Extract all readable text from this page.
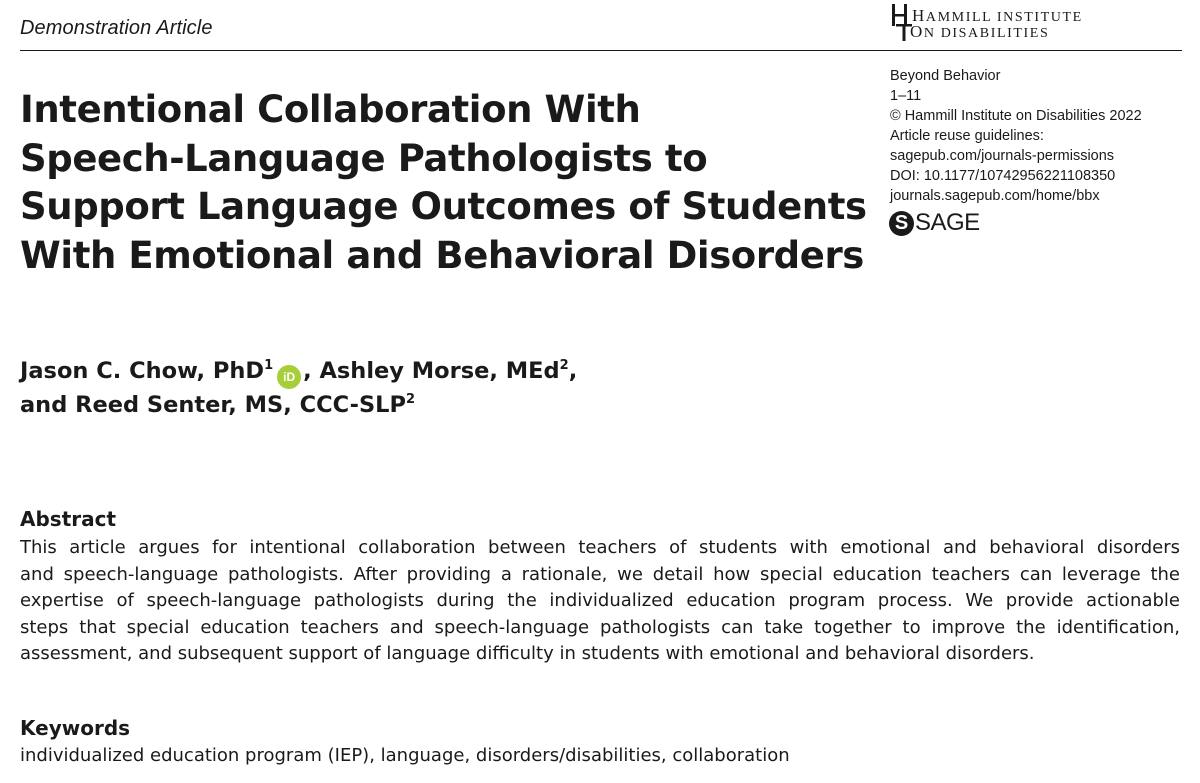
Demonstration Article
HAMMILL INSTITUTE
ON DISABILITIES
Beyond Behavior
1–11
© Hammill Institute on Disabilities 2022
Article reuse guidelines:
sagepub.com/journals-permissions
DOI: 10.1177/10742956221108350
journals.sagepub.com/home/bbx
S SAGE
Intentional Collaboration With
Speech-Language Pathologists to
Support Language Outcomes of Students
With Emotional and Behavioral Disorders
Jason C. Chow, PhD$^1$iD , Ashley Morse, MEd$^2$,
and Reed Senter, MS, CCC-SLP$^2$
Abstract
This article argues for intentional collaboration between teachers of students with emotional and behavioral disorders
and speech-language pathologists. After providing a rationale, we detail how special education teachers can leverage the
expertise of speech-language pathologists during the individualized education program process. We provide actionable
steps that special education teachers and speech-language pathologists can take together to improve the identification,
assessment, and subsequent support of language difficulty in students with emotional and behavioral disorders.
Keywords
individualized education program (IEP), language, disorders/disabilities, collaboration
